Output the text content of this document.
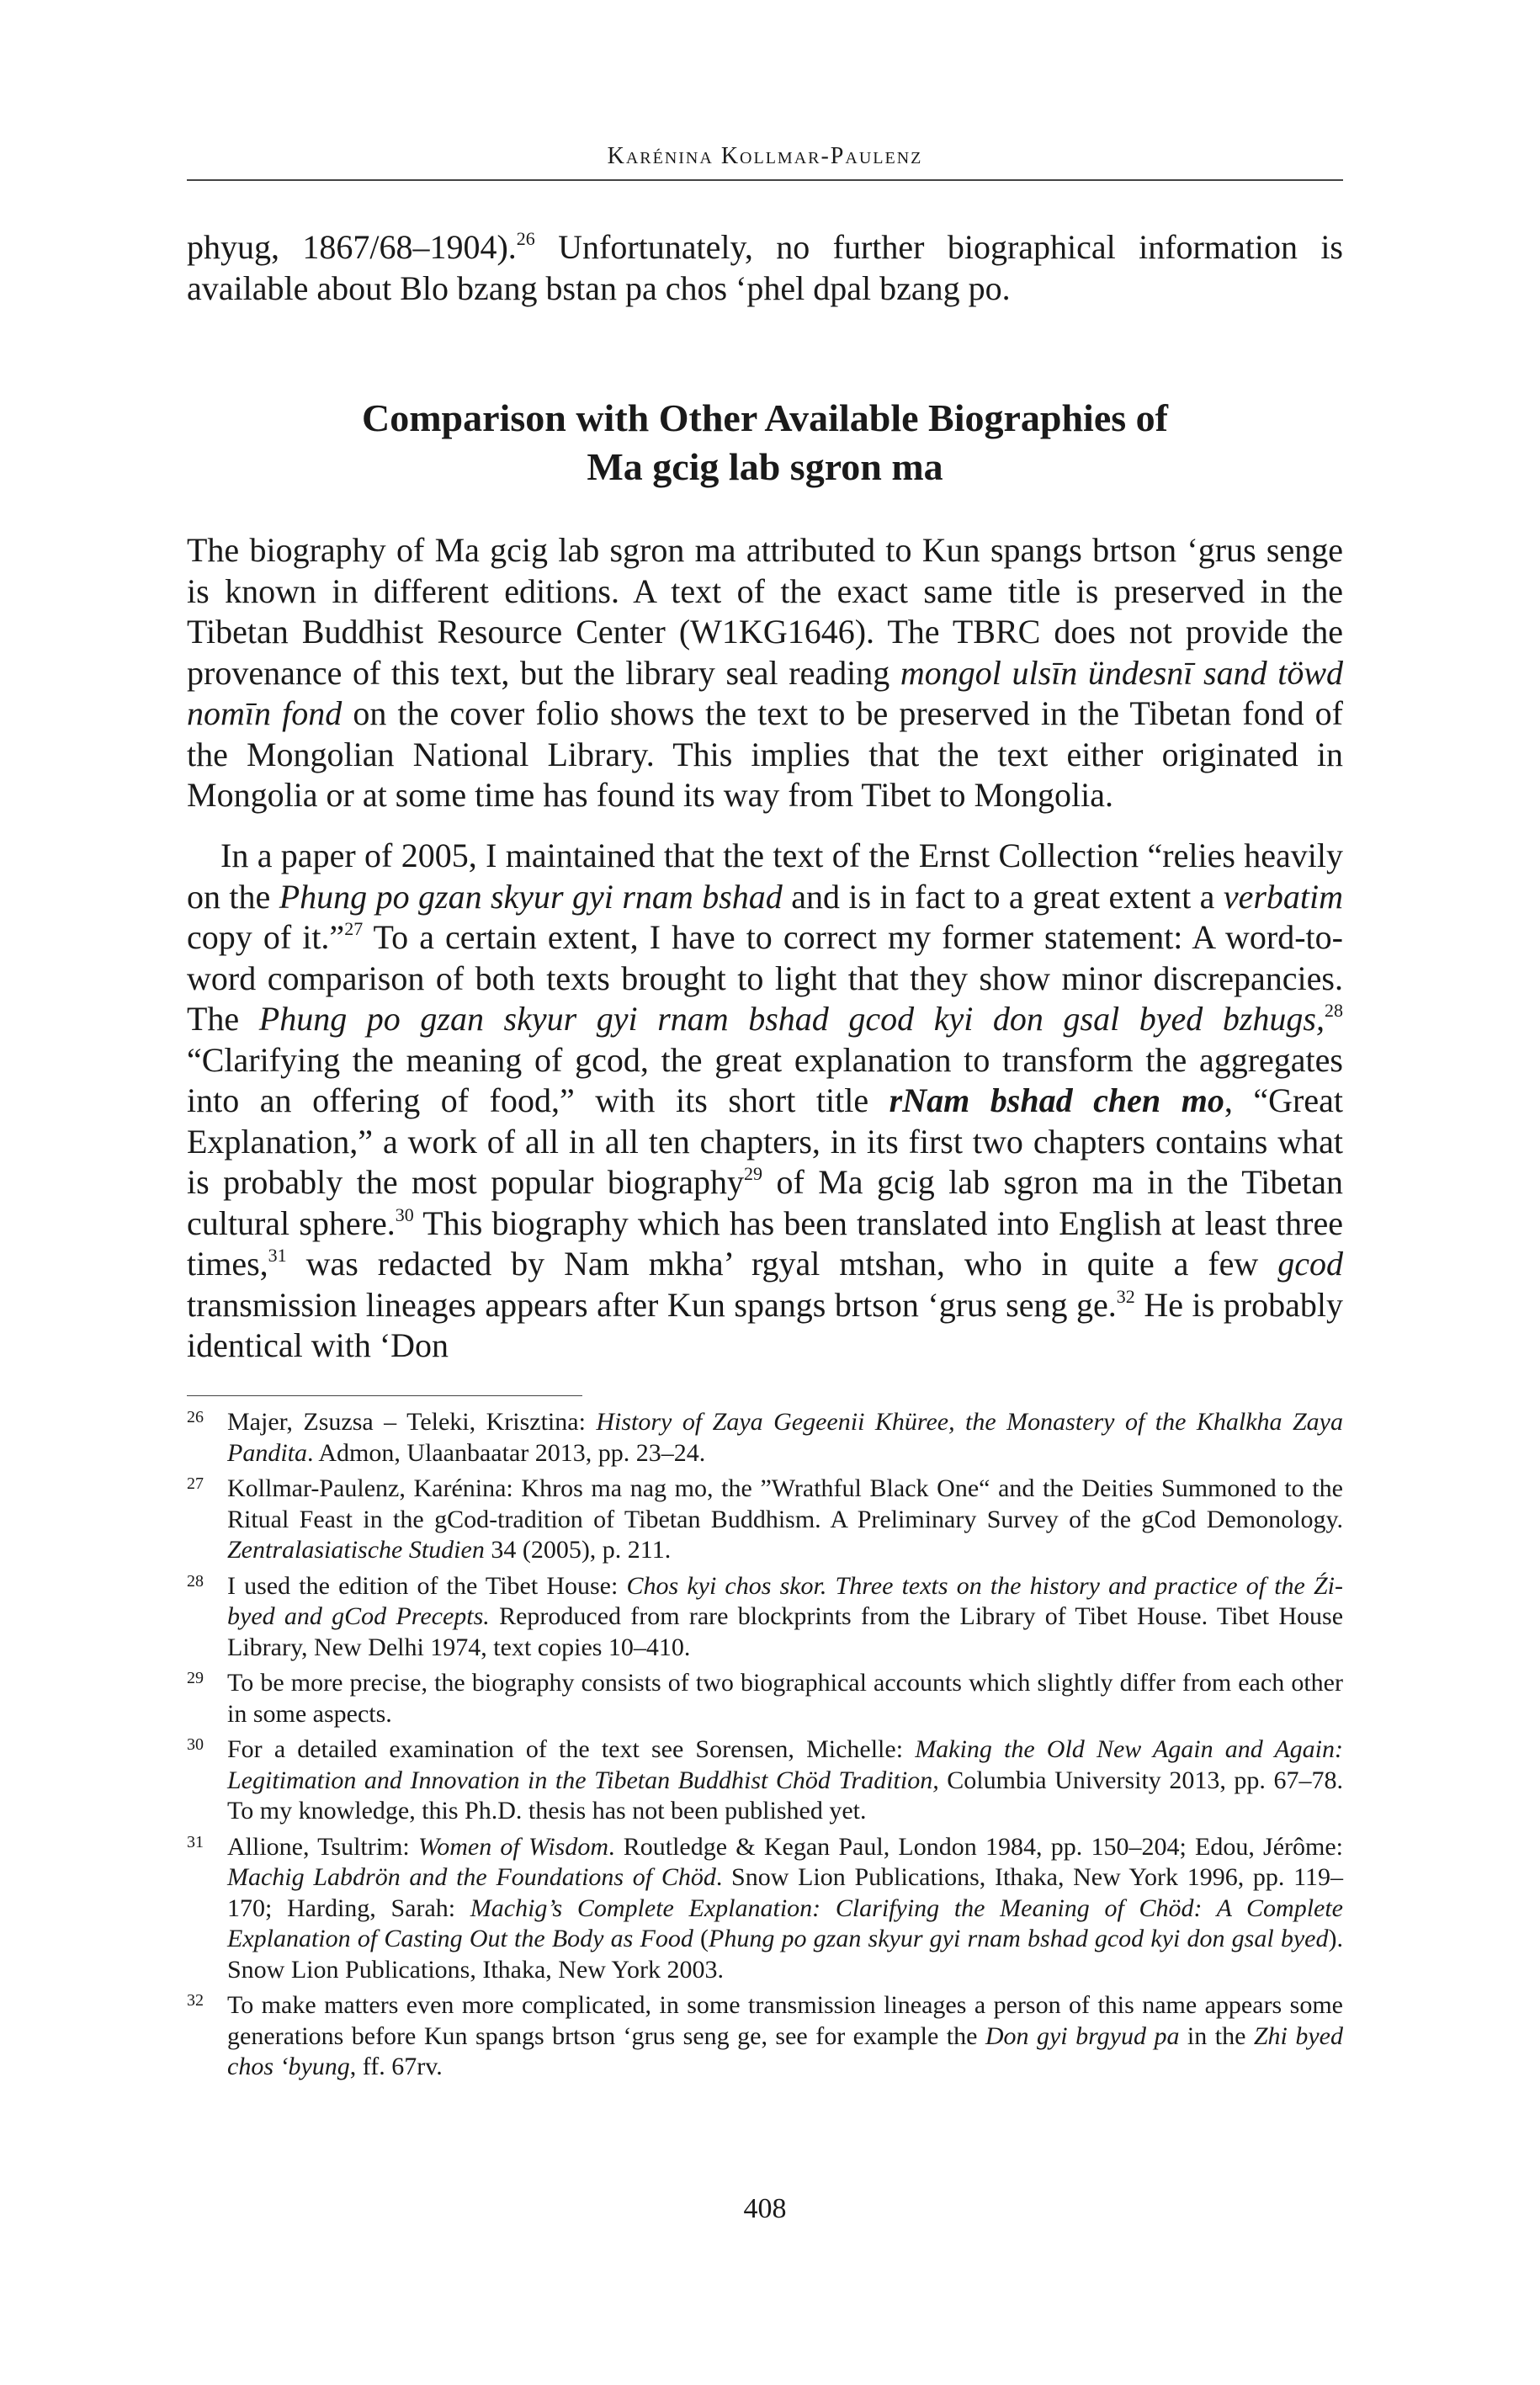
Karénina Kollmar-Paulenz

phyug, 1867/68–1904).$^{26}$ Unfortunately, no further biographical information is available about Blo bzang bstan pa chos ‘phel dpal bzang po.

Comparison with Other Available Biographies of
Ma gcig lab sgron ma

The biography of Ma gcig lab sgron ma attributed to Kun spangs brtson ‘grus senge is known in different editions. A text of the exact same title is preserved in the Tibetan Buddhist Resource Center (W1KG1646). The TBRC does not provide the provenance of this text, but the library seal reading mongol ulsīn ündesnī sand töwd nomīn fond on the cover folio shows the text to be preserved in the Tibetan fond of the Mongolian National Library. This implies that the text either originated in Mongolia or at some time has found its way from Tibet to Mongolia.

In a paper of 2005, I maintained that the text of the Ernst Collection “relies heavily on the Phung po gzan skyur gyi rnam bshad and is in fact to a great extent a verbatim copy of it.”$^{27}$ To a certain extent, I have to correct my former statement: A word-to-word comparison of both texts brought to light that they show minor discrepancies. The Phung po gzan skyur gyi rnam bshad gcod kyi don gsal byed bzhugs,$^{28}$ “Clarifying the meaning of gcod, the great explanation to transform the aggregates into an offering of food,” with its short title rNam bshad chen mo, “Great Explanation,” a work of all in all ten chapters, in its first two chapters contains what is probably the most popular biography$^{29}$ of Ma gcig lab sgron ma in the Tibetan cultural sphere.$^{30}$ This biography which has been translated into English at least three times,$^{31}$ was redacted by Nam mkha’ rgyal mtshan, who in quite a few gcod transmission lineages appears after Kun spangs brtson ‘grus seng ge.$^{32}$ He is probably identical with ‘Don

26 Majer, Zsuzsa – Teleki, Krisztina: History of Zaya Gegeenii Khüree, the Monastery of the Khalkha Zaya Pandita. Admon, Ulaanbaatar 2013, pp. 23–24.

27 Kollmar-Paulenz, Karénina: Khros ma nag mo, the ”Wrathful Black One“ and the Deities Summoned to the Ritual Feast in the gCod-tradition of Tibetan Buddhism. A Preliminary Survey of the gCod Demonology. Zentralasiatische Studien 34 (2005), p. 211.

28 I used the edition of the Tibet House: Chos kyi chos skor. Three texts on the history and practice of the Źi-byed and gCod Precepts. Reproduced from rare blockprints from the Library of Tibet House. Tibet House Library, New Delhi 1974, text copies 10–410.

29 To be more precise, the biography consists of two biographical accounts which slightly differ from each other in some aspects.

30 For a detailed examination of the text see Sorensen, Michelle: Making the Old New Again and Again: Legitimation and Innovation in the Tibetan Buddhist Chöd Tradition, Columbia University 2013, pp. 67–78. To my knowledge, this Ph.D. thesis has not been published yet.

31 Allione, Tsultrim: Women of Wisdom. Routledge & Kegan Paul, London 1984, pp. 150–204; Edou, Jérôme: Machig Labdrön and the Foundations of Chöd. Snow Lion Publications, Ithaka, New York 1996, pp. 119–170; Harding, Sarah: Machig’s Complete Explanation: Clarifying the Meaning of Chöd: A Complete Explanation of Casting Out the Body as Food (Phung po gzan skyur gyi rnam bshad gcod kyi don gsal byed). Snow Lion Publications, Ithaka, New York 2003.

32 To make matters even more complicated, in some transmission lineages a person of this name appears some generations before Kun spangs brtson ‘grus seng ge, see for example the Don gyi brgyud pa in the Zhi byed chos ‘byung, ff. 67rv.

408
